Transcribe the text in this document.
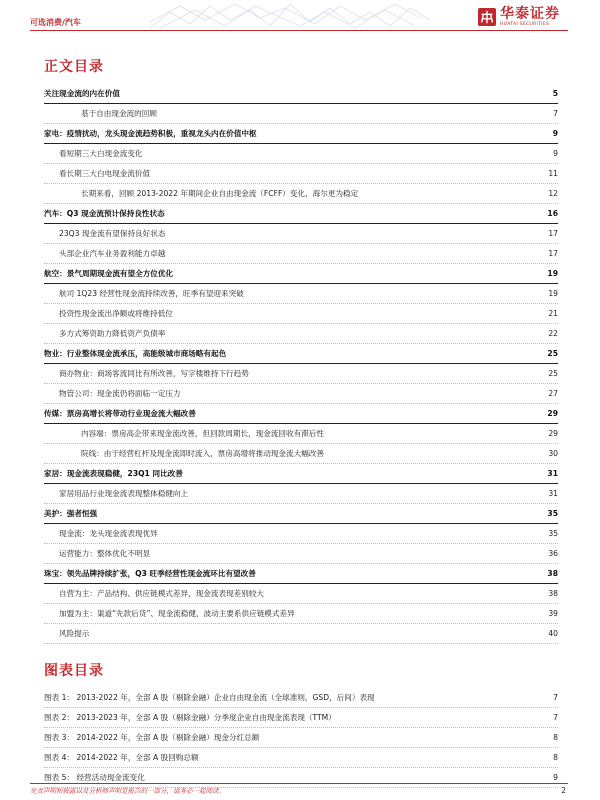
可选消费/汽车
华泰证券
HUATAI SECURITIES
正文目录
关注现金流的内在价值	5
基于自由现金流的回顾	7
家电：疫情扰动，龙头现金流趋势积极，重视龙头内在价值中枢	9
看短期三大白现金流变化	9
看长期三大白电现金流价值	11
长期来看，回顾 2013-2022 年期间企业自由现金流（FCFF）变化，海尔更为稳定	12
汽车：Q3 现金流预计保持良性状态	16
23Q3 现金流有望保持良好状态	17
头部企业汽车业务盈利能力卓越	17
航空：景气周期现金流有望全方位优化	19
航司 1Q23 经营性现金流持续改善，旺季有望迎来突破	19
投资性现金流出净额或将维持低位	21
多方式筹资助力降低资产负债率	22
物业：行业整体现金流承压，高能级城市商场略有起色	25
商办物业：商场客流同比有所改善，写字楼维持下行趋势	25
物管公司：现金流仍将面临一定压力	27
传媒：票房高增长将带动行业现金流大幅改善	29
内容端：票房高企带来现金流改善，但回款周期长，现金流回收有滞后性	29
院线：由于经营杠杆及现金流即时流入，票房高增将推动现金流大幅改善	30
家居：现金流表现稳健，23Q1 同比改善	31
家居用品行业现金流表现整体稳健向上	31
美护：强者恒强	35
现金流：龙头现金流表现优异	35
运营能力：整体优化不明显	36
珠宝：领先品牌持续扩张，Q3 旺季经营性现金流环比有望改善	38
自营为主：产品结构、供应链模式差异，现金流表现差别较大	38
加盟为主：渠道“先款后货”、现金流稳健，波动主要系供应链模式差异	39
风险提示	40
图表目录
图表 1： 2013-2022 年，全部 A 股（剔除金融）企业自由现金流（全球准则，GSD，后间）表现	7
图表 2： 2013-2023 年，全部 A 股（剔除金融）分季度企业自由现金流表现（TTM）	7
图表 3： 2014-2022 年，全部 A 股（剔除金融）现金分红总额	8
图表 4： 2014-2022 年，全部 A 股回购总额	8
图表 5： 经营活动现金流变化	9
免责声明和披露以及分析师声明是报告的一部分，请务必一起阅读。	2
